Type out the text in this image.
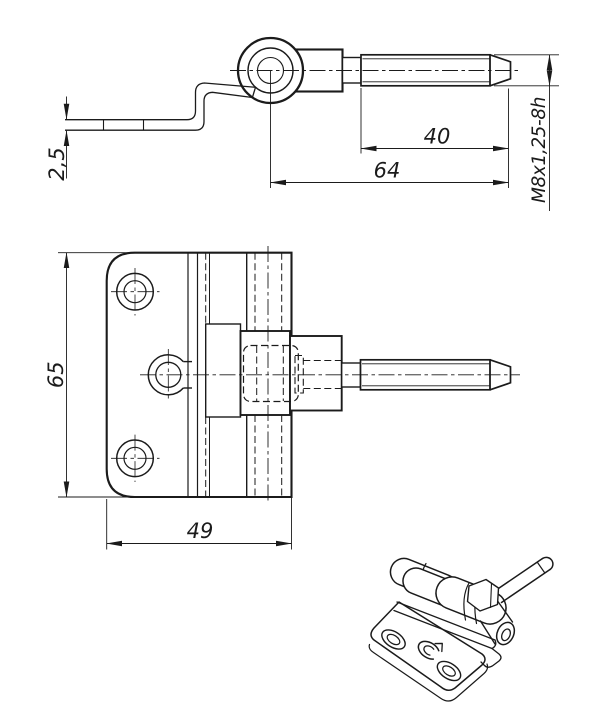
2,5
40
64	M8x1,25-8h
65
49
